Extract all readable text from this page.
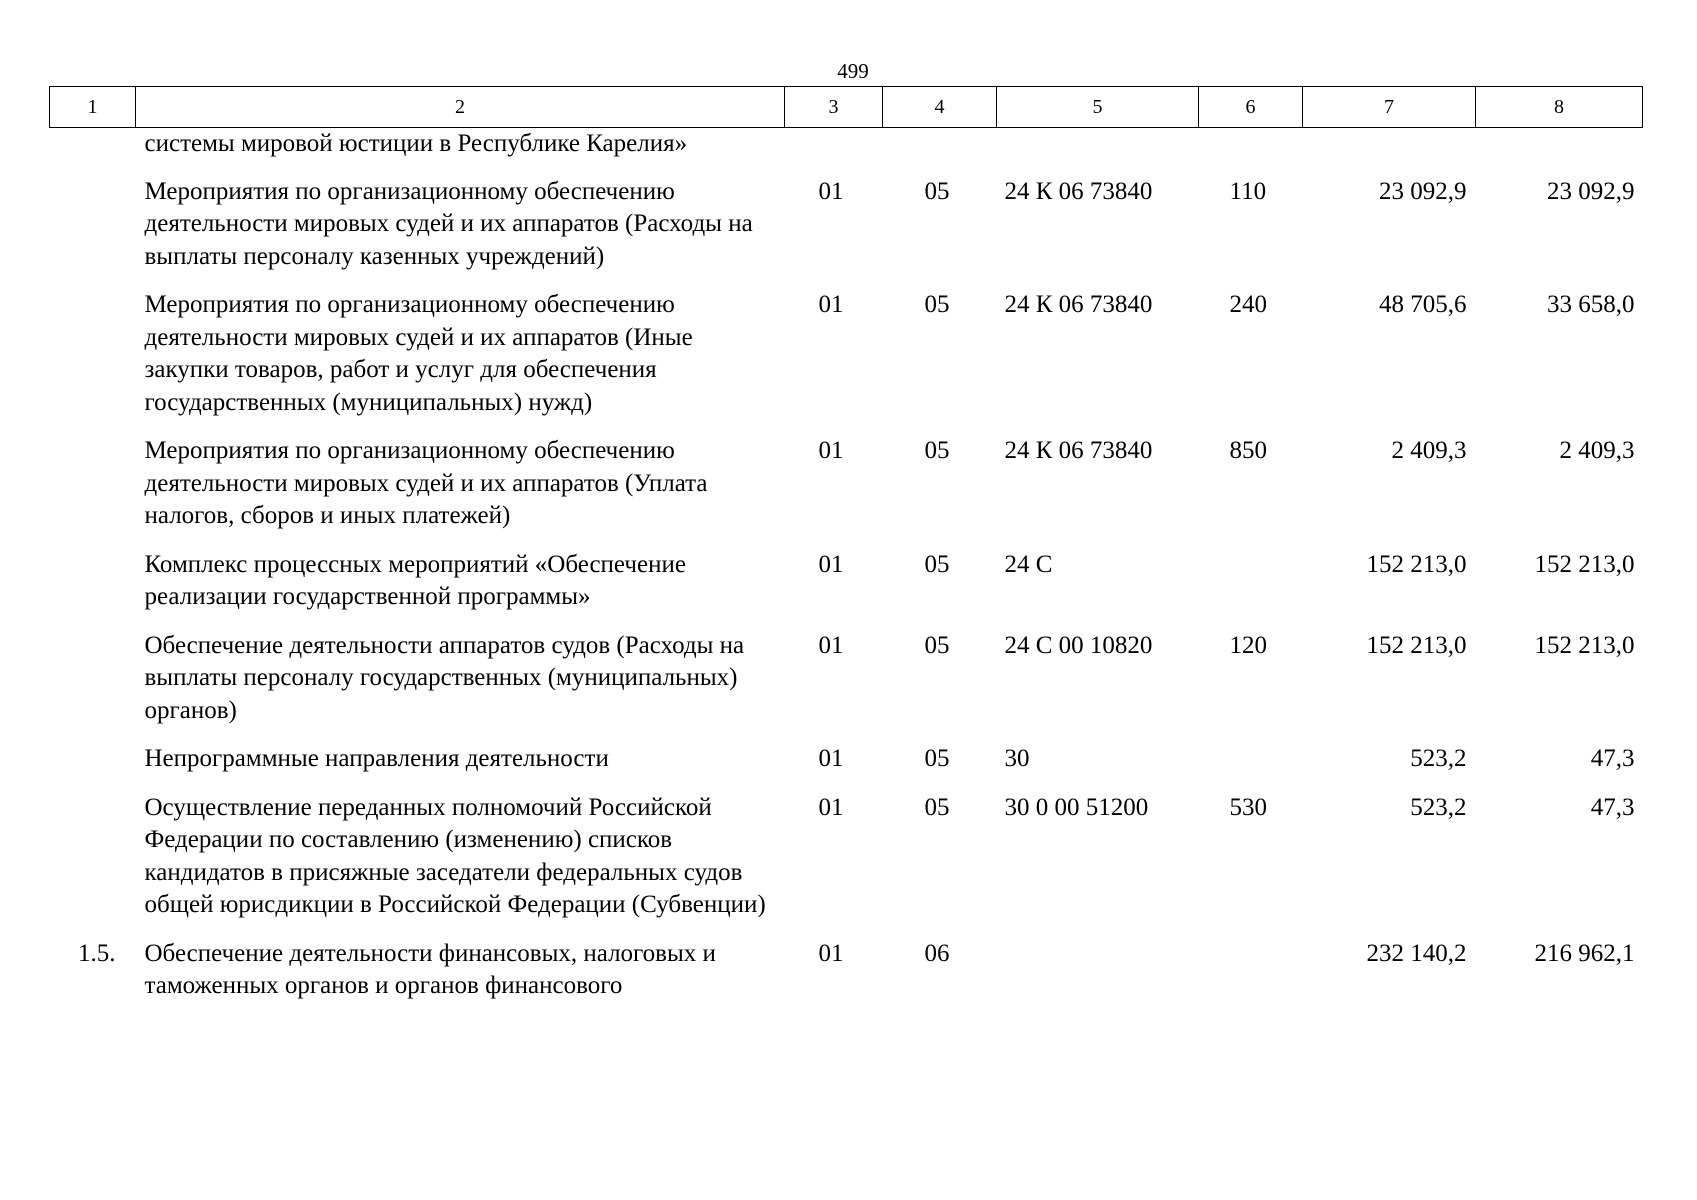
499
1	2	3	4	5	6	7	8
	системы мировой юстиции в Республике Карелия»						
	Мероприятия по организационному обеспечению деятельности мировых судей и их аппаратов (Расходы на выплаты персоналу казенных учреждений)	01	05	24 К 06 73840	110	23 092,9	23 092,9
	Мероприятия по организационному обеспечению деятельности мировых судей и их аппаратов (Иные закупки товаров, работ и услуг для обеспечения государственных (муниципальных) нужд)	01	05	24 К 06 73840	240	48 705,6	33 658,0
	Мероприятия по организационному обеспечению деятельности мировых судей и их аппаратов (Уплата налогов, сборов и иных платежей)	01	05	24 К 06 73840	850	2 409,3	2 409,3
	Комплекс процессных мероприятий «Обеспечение реализации государственной программы»	01	05	24 С		152 213,0	152 213,0
	Обеспечение деятельности аппаратов судов (Расходы на выплаты персоналу государственных (муниципальных) органов)	01	05	24 С 00 10820	120	152 213,0	152 213,0
	Непрограммные направления деятельности	01	05	30		523,2	47,3
	Осуществление переданных полномочий Российской Федерации по составлению (изменению) списков кандидатов в присяжные заседатели федеральных судов общей юрисдикции в Российской Федерации (Субвенции)	01	05	30 0 00 51200	530	523,2	47,3
1.5.	Обеспечение деятельности финансовых, налоговых и таможенных органов и органов финансового	01	06			232 140,2	216 962,1
